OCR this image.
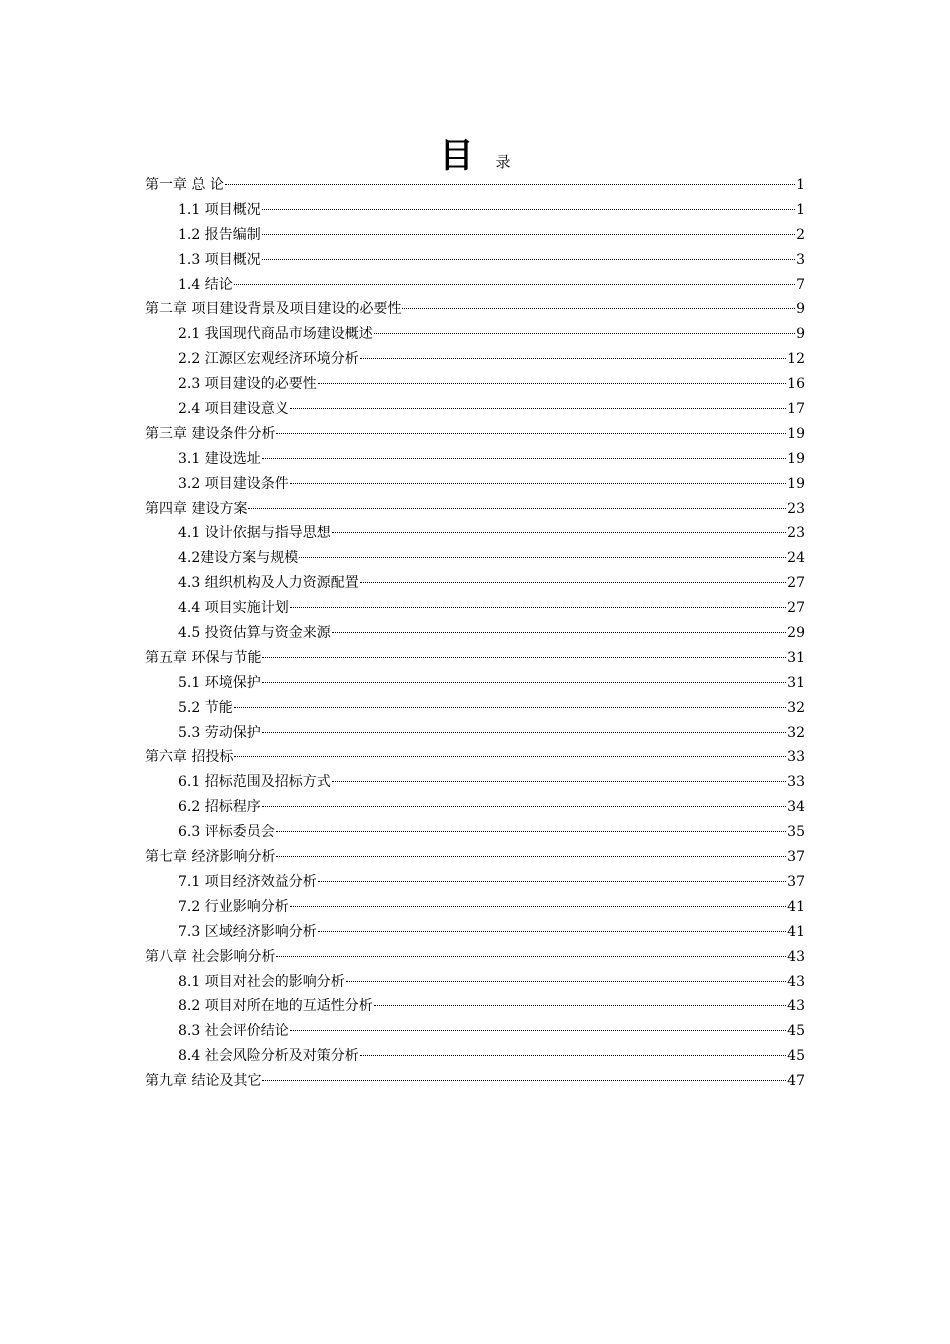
目 录
第一章 总 论	1
1.1 项目概况	1
1.2 报告编制	2
1.3 项目概况	3
1.4 结论	7
第二章 项目建设背景及项目建设的必要性	9
2.1 我国现代商品市场建设概述	9
2.2 江源区宏观经济环境分析	12
2.3 项目建设的必要性	16
2.4 项目建设意义	17
第三章 建设条件分析	19
3.1 建设选址	19
3.2 项目建设条件	19
第四章 建设方案	23
4.1 设计依据与指导思想	23
4.2建设方案与规模	24
4.3 组织机构及人力资源配置	27
4.4 项目实施计划	27
4.5 投资估算与资金来源	29
第五章 环保与节能	31
5.1 环境保护	31
5.2 节能	32
5.3 劳动保护	32
第六章 招投标	33
6.1 招标范围及招标方式	33
6.2 招标程序	34
6.3 评标委员会	35
第七章 经济影响分析	37
7.1 项目经济效益分析	37
7.2 行业影响分析	41
7.3 区域经济影响分析	41
第八章 社会影响分析	43
8.1 项目对社会的影响分析	43
8.2 项目对所在地的互适性分析	43
8.3 社会评价结论	45
8.4 社会风险分析及对策分析	45
第九章 结论及其它	47
